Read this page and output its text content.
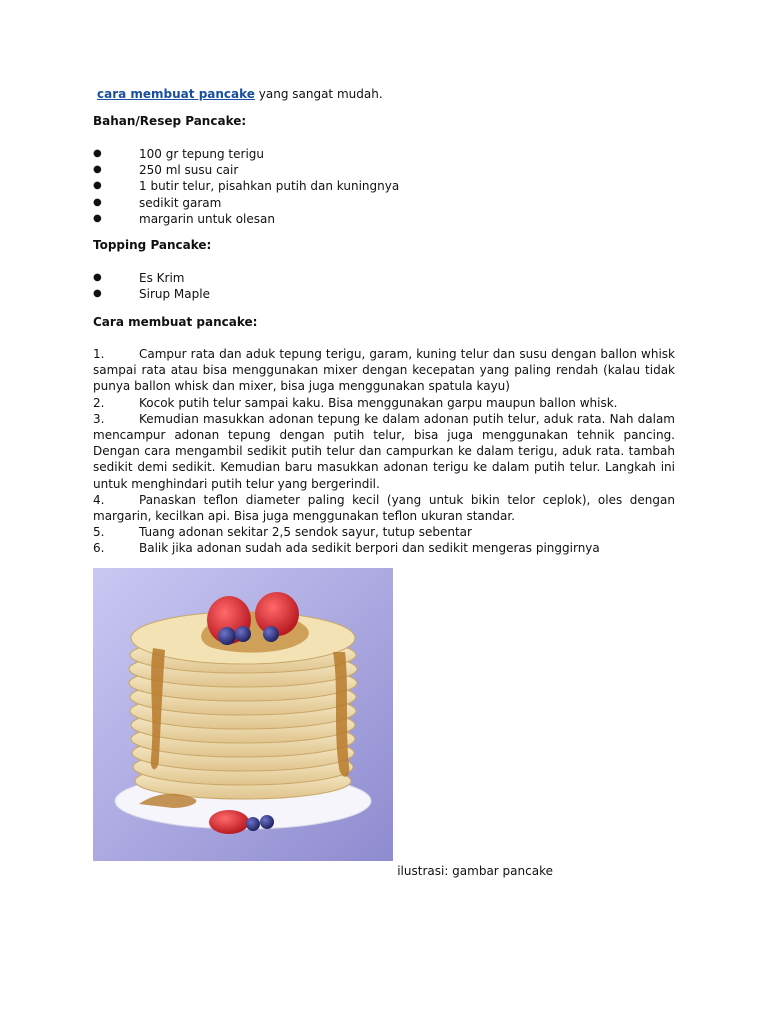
cara membuat pancake yang sangat mudah.
Bahan/Resep Pancake:
●	100 gr tepung terigu
●	250 ml susu cair
●	1 butir telur, pisahkan putih dan kuningnya
●	sedikit garam
●	margarin untuk olesan
Topping Pancake:
●	Es Krim
●	Sirup Maple
Cara membuat pancake:

1.	Campur rata dan aduk tepung terigu, garam, kuning telur dan susu dengan ballon whisk sampai rata atau bisa menggunakan mixer dengan kecepatan yang paling rendah (kalau tidak punya ballon whisk dan mixer, bisa juga menggunakan spatula kayu)

2.	Kocok putih telur sampai kaku. Bisa menggunakan garpu maupun ballon whisk.

3.	Kemudian masukkan adonan tepung ke dalam adonan putih telur, aduk rata. Nah dalam mencampur adonan tepung dengan putih telur, bisa juga menggunakan tehnik pancing. Dengan cara mengambil sedikit putih telur dan campurkan ke dalam terigu, aduk rata. tambah sedikit demi sedikit. Kemudian baru masukkan adonan terigu ke dalam putih telur. Langkah ini untuk menghindari putih telur yang bergerindil.

4.	Panaskan teflon diameter paling kecil (yang untuk bikin telor ceplok), oles dengan margarin, kecilkan api. Bisa juga menggunakan teflon ukuran standar.

5.	Tuang adonan sekitar 2,5 sendok sayur, tutup sebentar

6.	Balik jika adonan sudah ada sedikit berpori dan sedikit mengeras pinggirnya

ilustrasi: gambar pancake
